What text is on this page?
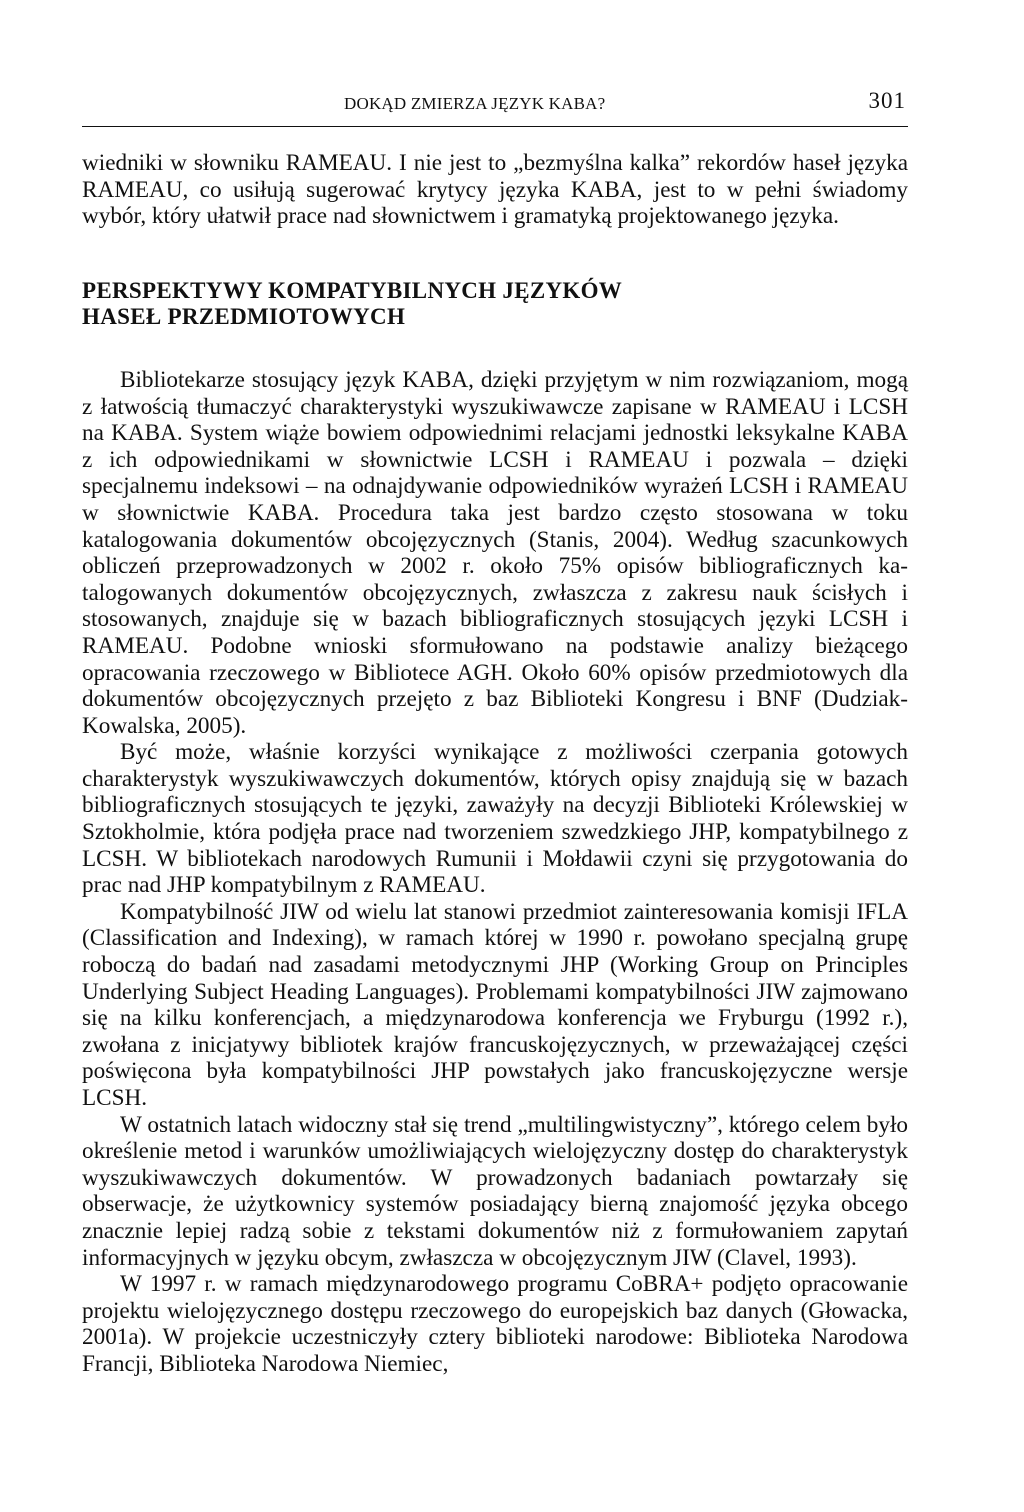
DOKĄD ZMIERZA JĘZYK KABA?	301

wiedniki w słowniku RAMEAU. I nie jest to „bezmyślna kalka” rekordów haseł języka RAMEAU, co usiłują sugerować krytycy języka KABA, jest to w pełni świadomy wybór, który ułatwił prace nad słownictwem i gramatyką projektowanego języka.

PERSPEKTYWY KOMPATYBILNYCH JĘZYKÓW
HASEŁ PRZEDMIOTOWYCH

Bibliotekarze stosujący język KABA, dzięki przyjętym w nim rozwiązaniom, mogą z łatwością tłumaczyć charakterystyki wyszukiwawcze zapisane w RAMEAU i LCSH na KABA. System wiąże bowiem odpowiednimi relacjami jednostki leksykalne KABA z ich odpowiednikami w słownictwie LCSH i RAMEAU i pozwala – dzięki specjalnemu indeksowi – na odnajdywanie odpowiedników wyrażeń LCSH i RAMEAU w słownictwie KABA. Procedura taka jest bardzo często stosowana w toku katalogowania dokumentów obcojęzycznych (Stanis, 2004). Według szacunkowych obliczeń przeprowadzonych w 2002 r. około 75% opisów bibliograficznych katalogowanych dokumentów obcojęzycznych, zwłaszcza z zakresu nauk ścisłych i stosowanych, znajduje się w bazach bibliograficznych stosujących języki LCSH i RAMEAU. Podobne wnioski sformułowano na podstawie analizy bieżącego opracowania rzeczowego w Bibliotece AGH. Około 60% opisów przedmiotowych dla dokumentów obcojęzycznych przejęto z baz Biblioteki Kongresu i BNF (Dudziak-Kowalska, 2005).

Być może, właśnie korzyści wynikające z możliwości czerpania gotowych charakterystyk wyszukiwawczych dokumentów, których opisy znajdują się w bazach bibliograficznych stosujących te języki, zaważyły na decyzji Biblioteki Królewskiej w Sztokholmie, która podjęła prace nad tworzeniem szwedzkiego JHP, kompatybilnego z LCSH. W bibliotekach narodowych Rumunii i Mołdawii czyni się przygotowania do prac nad JHP kompatybilnym z RAMEAU.

Kompatybilność JIW od wielu lat stanowi przedmiot zainteresowania komisji IFLA (Classification and Indexing), w ramach której w 1990 r. powołano specjalną grupę roboczą do badań nad zasadami metodycznymi JHP (Working Group on Principles Underlying Subject Heading Languages). Problemami kompatybilności JIW zajmowano się na kilku konferencjach, a międzynarodowa konferencja we Fryburgu (1992 r.), zwołana z inicjatywy bibliotek krajów francuskojęzycznych, w przeważającej części poświęcona była kompatybilności JHP powstałych jako francuskojęzyczne wersje LCSH.

W ostatnich latach widoczny stał się trend „multilingwistyczny”, którego celem było określenie metod i warunków umożliwiających wielojęzyczny dostęp do charakterystyk wyszukiwawczych dokumentów. W prowadzonych badaniach powtarzały się obserwacje, że użytkownicy systemów posiadający bierną znajomość języka obcego znacznie lepiej radzą sobie z tekstami dokumentów niż z formułowaniem zapytań informacyjnych w języku obcym, zwłaszcza w obcojęzycznym JIW (Clavel, 1993).

W 1997 r. w ramach międzynarodowego programu CoBRA+ podjęto opracowanie projektu wielojęzycznego dostępu rzeczowego do europejskich baz danych (Głowacka, 2001a). W projekcie uczestniczyły cztery biblioteki narodowe: Biblioteka Narodowa Francji, Biblioteka Narodowa Niemiec,
